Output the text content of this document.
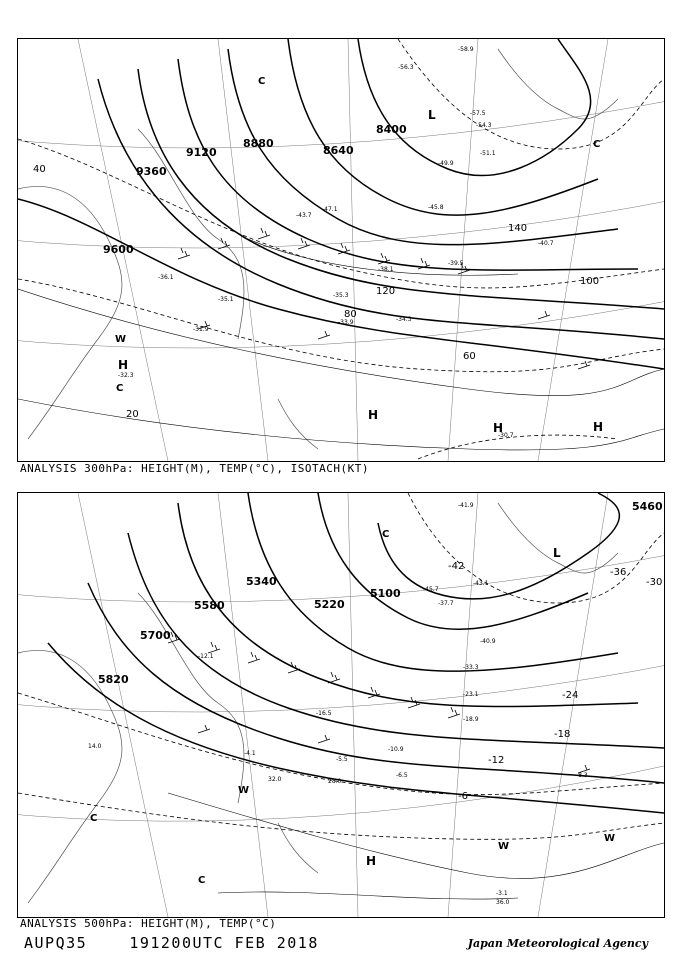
9600
9360
9120
8880
8640
8400
20
40
60
80
100
120
140
-30.7
-31.9
-32.3
-33.9	-34.3
-35.1
-35.3
-36.1
-38.1
-39.5
-40.7
-43.7
-45.8
-47.1
-49.9
-51.1
-54.3
-56.3
-57.5
-58.9
L
C
W
H
H
H	H
C
C
ANALYSIS 300hPa: HEIGHT(M), TEMP(°C), ISOTACH(KT)
5820
5700
5580
5460
5340
5220
5100
-6
-12
-18
-24
-30
-36
-42
-3.1
36.0
-8.3
-6.5
-10.9
-12.1
-18.9
-23.1
-33.3
-37.7
-40.9
-41.9
-43.1
-45.7
-16.5
-5.5
32.0	28.0
-4.1
14.0
L
C
W
W
H
C
C
W
ANALYSIS 500hPa: HEIGHT(M), TEMP(°C)
AUPQ35	191200UTC FEB 2018	Japan Meteorological Agency
